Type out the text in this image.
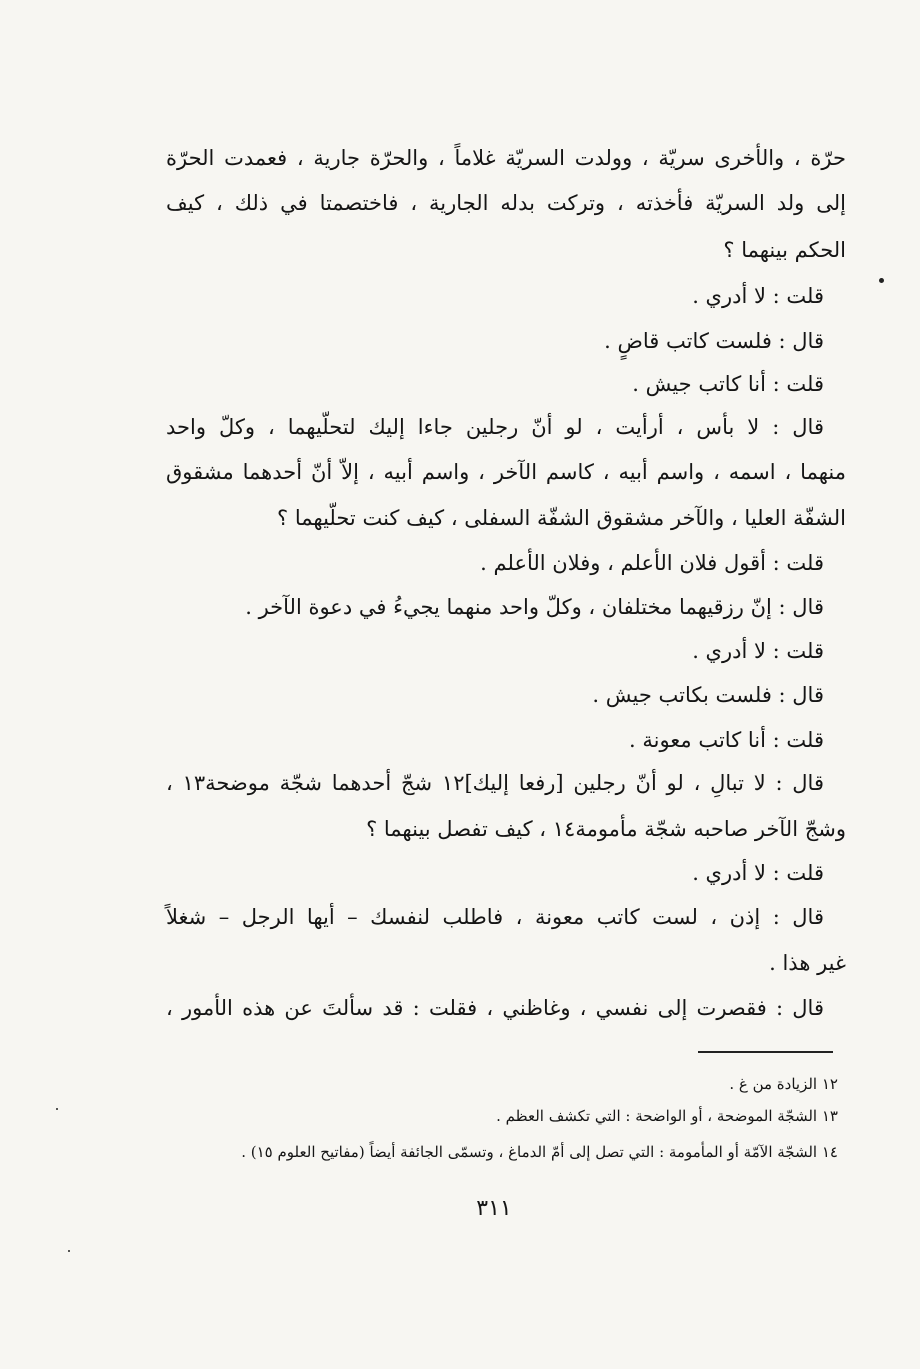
حرّة ، والأخرى سريّة ، وولدت السريّة غلاماً ، والحرّة جارية ، فعمدت الحرّة
إلى ولد السريّة فأخذته ، وتركت بدله الجارية ، فاختصمتا في ذلك ، كيف
الحكم بينهما ؟
قلت : لا أدري .
قال : فلست كاتب قاضٍ .
قلت : أنا كاتب جيش .
قال : لا بأس ، أرأيت ، لو أنّ رجلين جاءا إليك لتحلّيهما ، وكلّ واحد
منهما ، اسمه ، واسم أبيه ، كاسم الآخر ، واسم أبيه ، إلاّ أنّ أحدهما مشقوق
الشفّة العليا ، والآخر مشقوق الشفّة السفلى ، كيف كنت تحلّيهما ؟
قلت : أقول فلان الأعلم ، وفلان الأعلم .
قال : إنّ رزقيهما مختلفان ، وكلّ واحد منهما يجيءُ في دعوة الآخر .
قلت : لا أدري .
قال : فلست بكاتب جيش .
قلت : أنا كاتب معونة .
قال : لا تبالِ ، لو أنّ رجلين [رفعا إليك]١٢ شجّ أحدهما شجّة موضحة١٣ ،
وشجّ الآخر صاحبه شجّة مأمومة١٤ ، كيف تفصل بينهما ؟
قلت : لا أدري .
قال : إذن ، لست كاتب معونة ، فاطلب لنفسك – أيها الرجل – شغلاً
غير هذا .
قال : فقصرت إلى نفسي ، وغاظني ، فقلت : قد سألتَ عن هذه الأمور ،
١٢ الزيادة من غ .
١٣ الشجّة الموضحة ، أو الواضحة : التي تكشف العظم .
١٤ الشجّة الآمّة أو المأمومة : التي تصل إلى أمّ الدماغ ، وتسمّى الجائفة أيضاً (مفاتيح العلوم ١٥) .
٣١١
